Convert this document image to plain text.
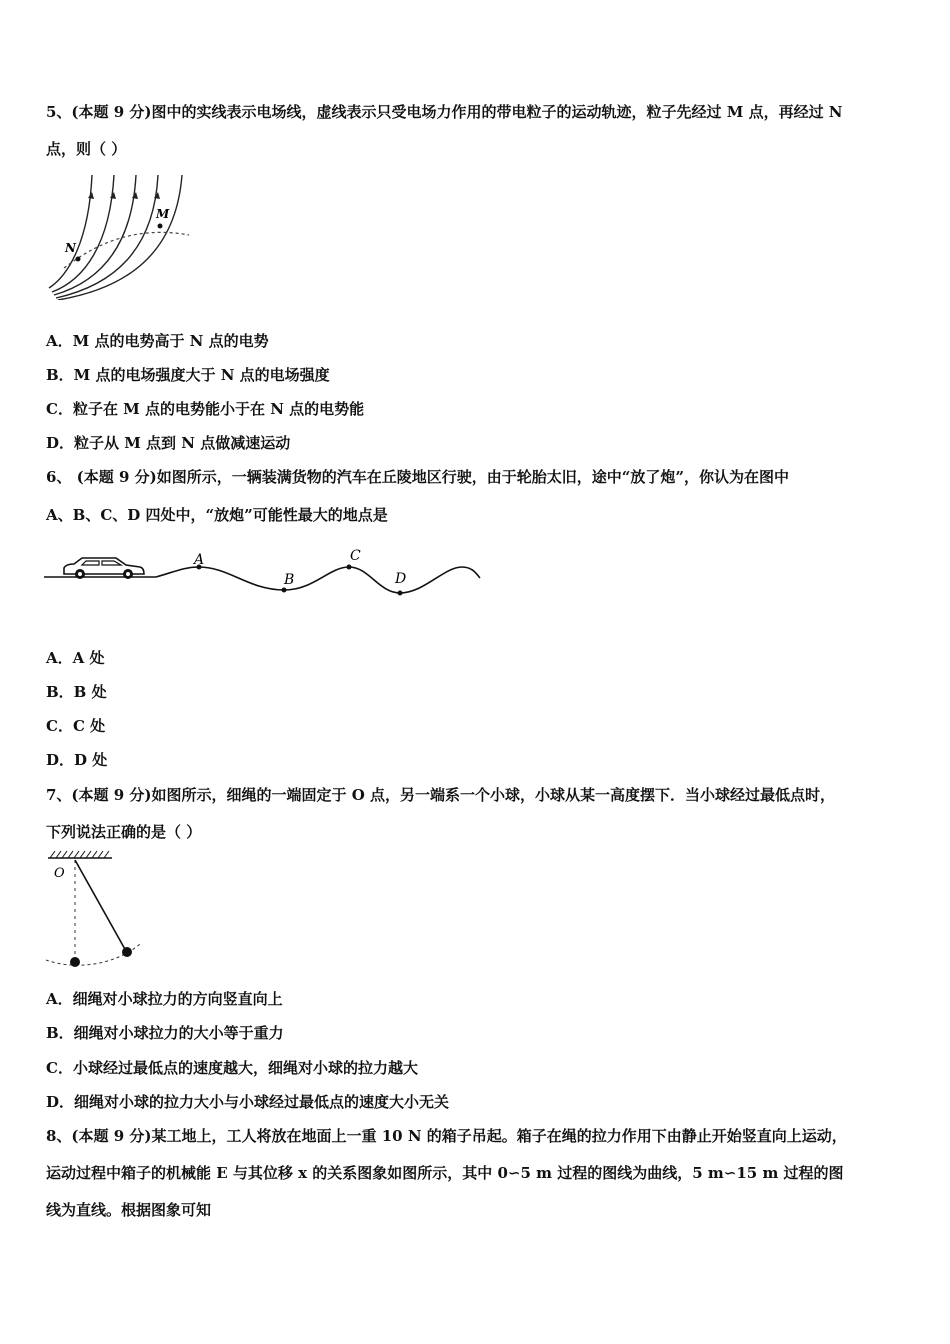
5、(本题 9 分)图中的实线表示电场线，虚线表示只受电场力作用的带电粒子的运动轨迹，粒子先经过 M 点，再经过 N
点，则（ ）
M
N
A．M 点的电势高于 N 点的电势
B．M 点的电场强度大于 N 点的电场强度
C．粒子在 M 点的电势能小于在 N 点的电势能
D．粒子从 M 点到 N 点做减速运动
6、 (本题 9 分)如图所示，一辆装满货物的汽车在丘陵地区行驶，由于轮胎太旧，途中“放了炮”，你认为在图中
A、B、C、D 四处中，“放炮”可能性最大的地点是
A
B
C
D
A．A 处
B．B 处
C．C 处
D．D 处
7、(本题 9 分)如图所示，细绳的一端固定于 O 点，另一端系一个小球，小球从某一高度摆下．当小球经过最低点时，
下列说法正确的是（ ）
O
A．细绳对小球拉力的方向竖直向上
B．细绳对小球拉力的大小等于重力
C．小球经过最低点的速度越大，细绳对小球的拉力越大
D．细绳对小球的拉力大小与小球经过最低点的速度大小无关
8、(本题 9 分)某工地上，工人将放在地面上一重 10 N 的箱子吊起。箱子在绳的拉力作用下由静止开始竖直向上运动，
运动过程中箱子的机械能 E 与其位移 x 的关系图象如图所示，其中 0∽5 m 过程的图线为曲线，5 m∽15 m 过程的图
线为直线。根据图象可知
